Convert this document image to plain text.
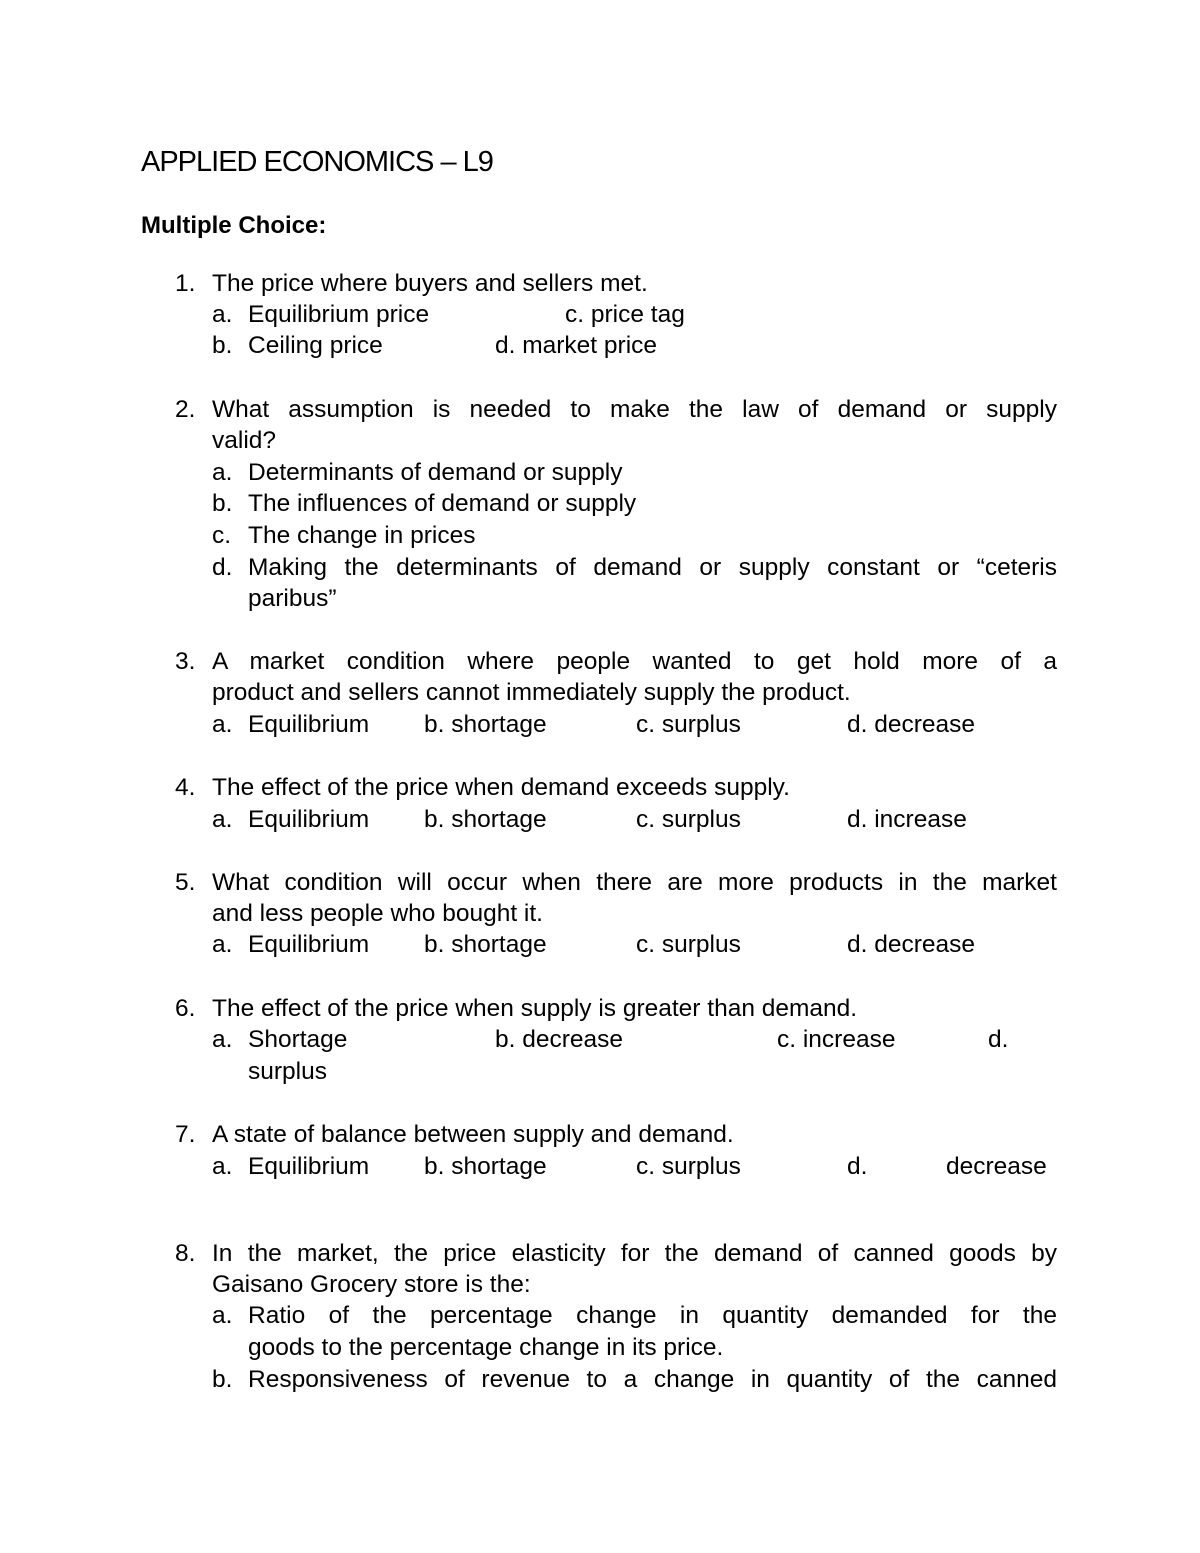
APPLIED ECONOMICS – L9
Multiple Choice:
1. The price where buyers and sellers met.
a. Equilibrium price	c. price tag
b. Ceiling price	d. market price
2. What assumption is needed to make the law of demand or supply
valid?
a. Determinants of demand or supply
b. The influences of demand or supply
c. The change in prices
d. Making the determinants of demand or supply constant or “ceteris
paribus”
3. A market condition where people wanted to get hold more of a
product and sellers cannot immediately supply the product.
a. Equilibrium b. shortage	c. surplus	d. decrease
4. The effect of the price when demand exceeds supply.
a. Equilibrium b. shortage	c. surplus	d. increase
5. What condition will occur when there are more products in the market
and less people who bought it.
a. Equilibrium b. shortage	c. surplus	d. decrease
6. The effect of the price when supply is greater than demand.
a. Shortage	b. decrease	c. increase	d.
surplus
7. A state of balance between supply and demand.
a. Equilibrium b. shortage	c. surplus	d.	decrease
8. In the market, the price elasticity for the demand of canned goods by
Gaisano Grocery store is the:
a. Ratio of the percentage change in quantity demanded for the
goods to the percentage change in its price.
b. Responsiveness of revenue to a change in quantity of the canned
